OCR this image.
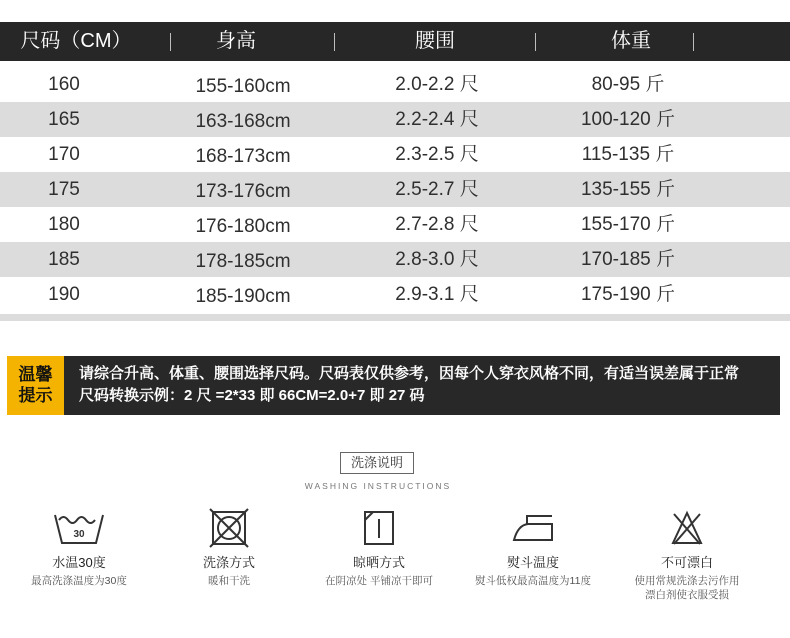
尺码（CM）	身高	腰围	体重
160	155-160cm	2.0-2.2 尺	80-95 斤
165	163-168cm	2.2-2.4 尺	100-120 斤
170	168-173cm	2.3-2.5 尺	115-135 斤
175	173-176cm	2.5-2.7 尺	135-155 斤
180	176-180cm	2.7-2.8 尺	155-170 斤
185	178-185cm	2.8-3.0 尺	170-185 斤
190	185-190cm	2.9-3.1 尺	175-190 斤
温馨
提示
请综合升高、体重、腰围选择尺码。尺码表仅供参考，因每个人穿衣风格不同，有适当误差属于正常
尺码转换示例：2 尺 =2*33 即 66CM=2.0+7 即 27 码
洗涤说明
WASHING INSTRUCTIONS
30
水温30度
最高洗涤温度为30度
洗涤方式
暖和干洗
晾晒方式
在阴凉处 平铺凉干即可
熨斗温度
熨斗低权最高温度为11度
不可漂白
使用常规洗涤去污作用
漂白剂使衣服受损
